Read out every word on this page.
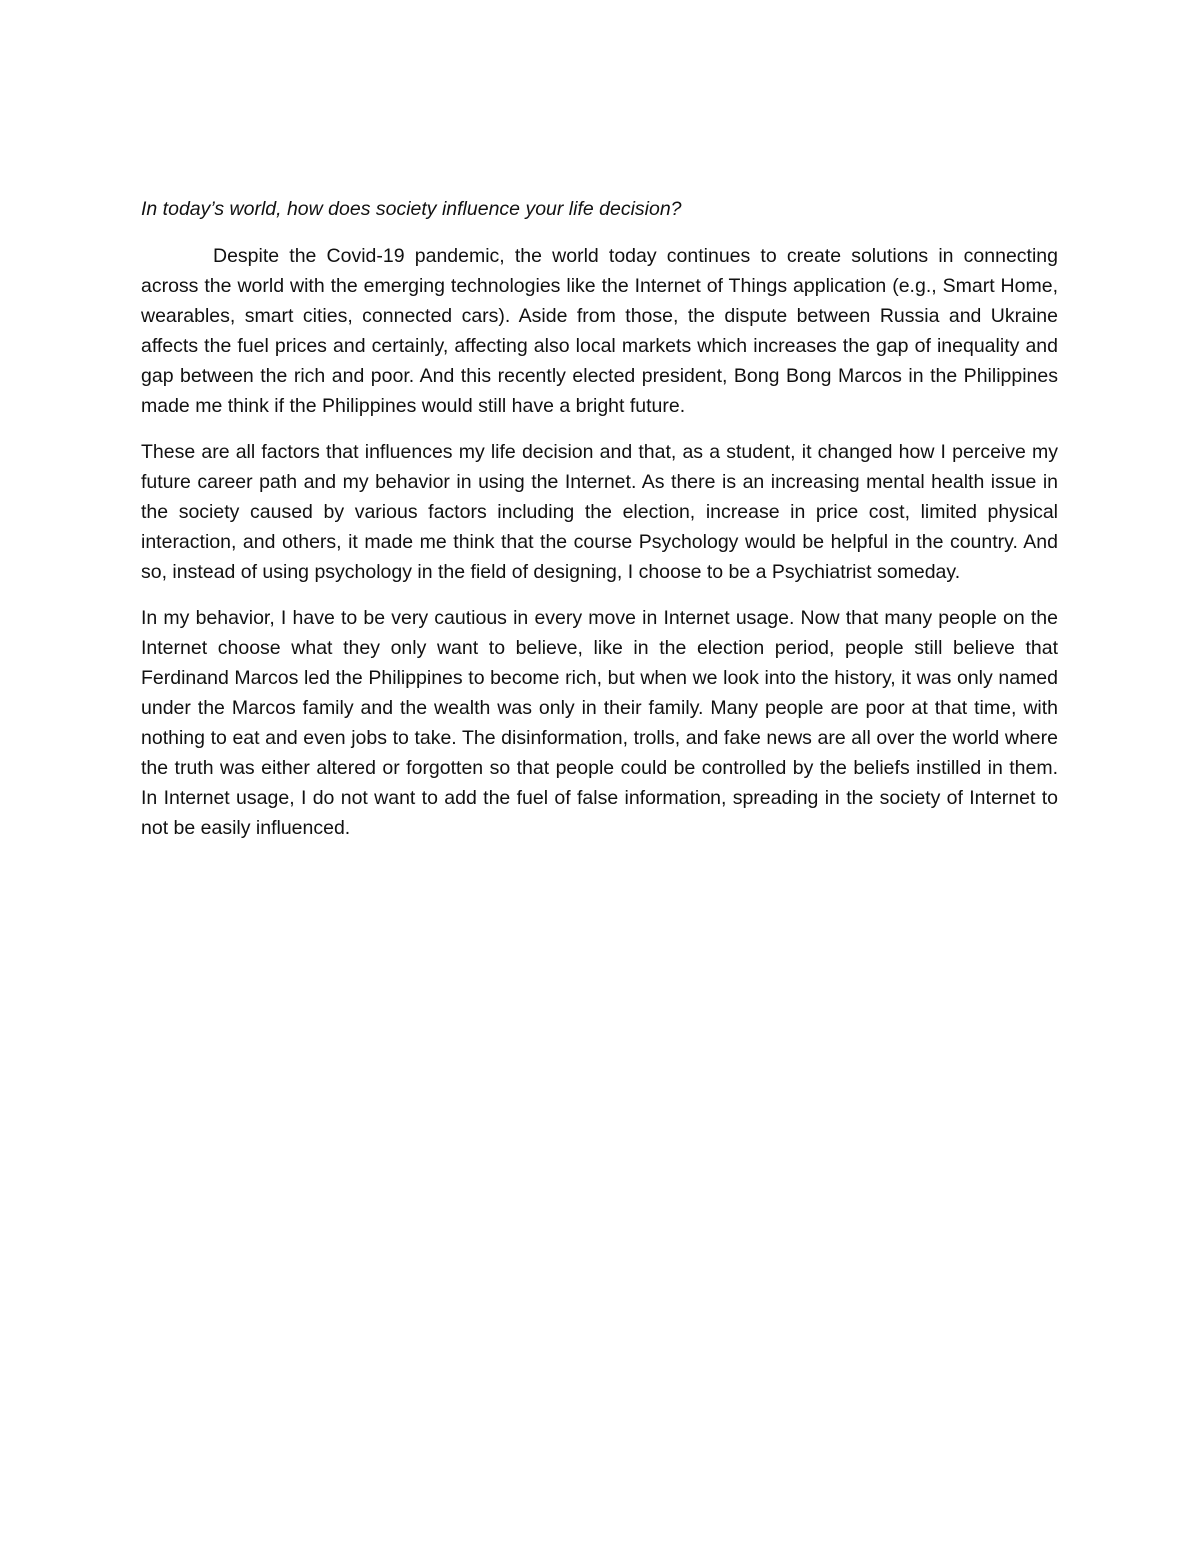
In today’s world, how does society influence your life decision?

Despite the Covid-19 pandemic, the world today continues to create solutions in connecting across the world with the emerging technologies like the Internet of Things application (e.g., Smart Home, wearables, smart cities, connected cars). Aside from those, the dispute between Russia and Ukraine affects the fuel prices and certainly, affecting also local markets which increases the gap of inequality and gap between the rich and poor. And this recently elected president, Bong Bong Marcos in the Philippines made me think if the Philippines would still have a bright future.

These are all factors that influences my life decision and that, as a student, it changed how I perceive my future career path and my behavior in using the Internet. As there is an increasing mental health issue in the society caused by various factors including the election, increase in price cost, limited physical interaction, and others, it made me think that the course Psychology would be helpful in the country. And so, instead of using psychology in the field of designing, I choose to be a Psychiatrist someday.

In my behavior, I have to be very cautious in every move in Internet usage. Now that many people on the Internet choose what they only want to believe, like in the election period, people still believe that Ferdinand Marcos led the Philippines to become rich, but when we look into the history, it was only named under the Marcos family and the wealth was only in their family. Many people are poor at that time, with nothing to eat and even jobs to take. The disinformation, trolls, and fake news are all over the world where the truth was either altered or forgotten so that people could be controlled by the beliefs instilled in them. In Internet usage, I do not want to add the fuel of false information, spreading in the society of Internet to not be easily influenced.
